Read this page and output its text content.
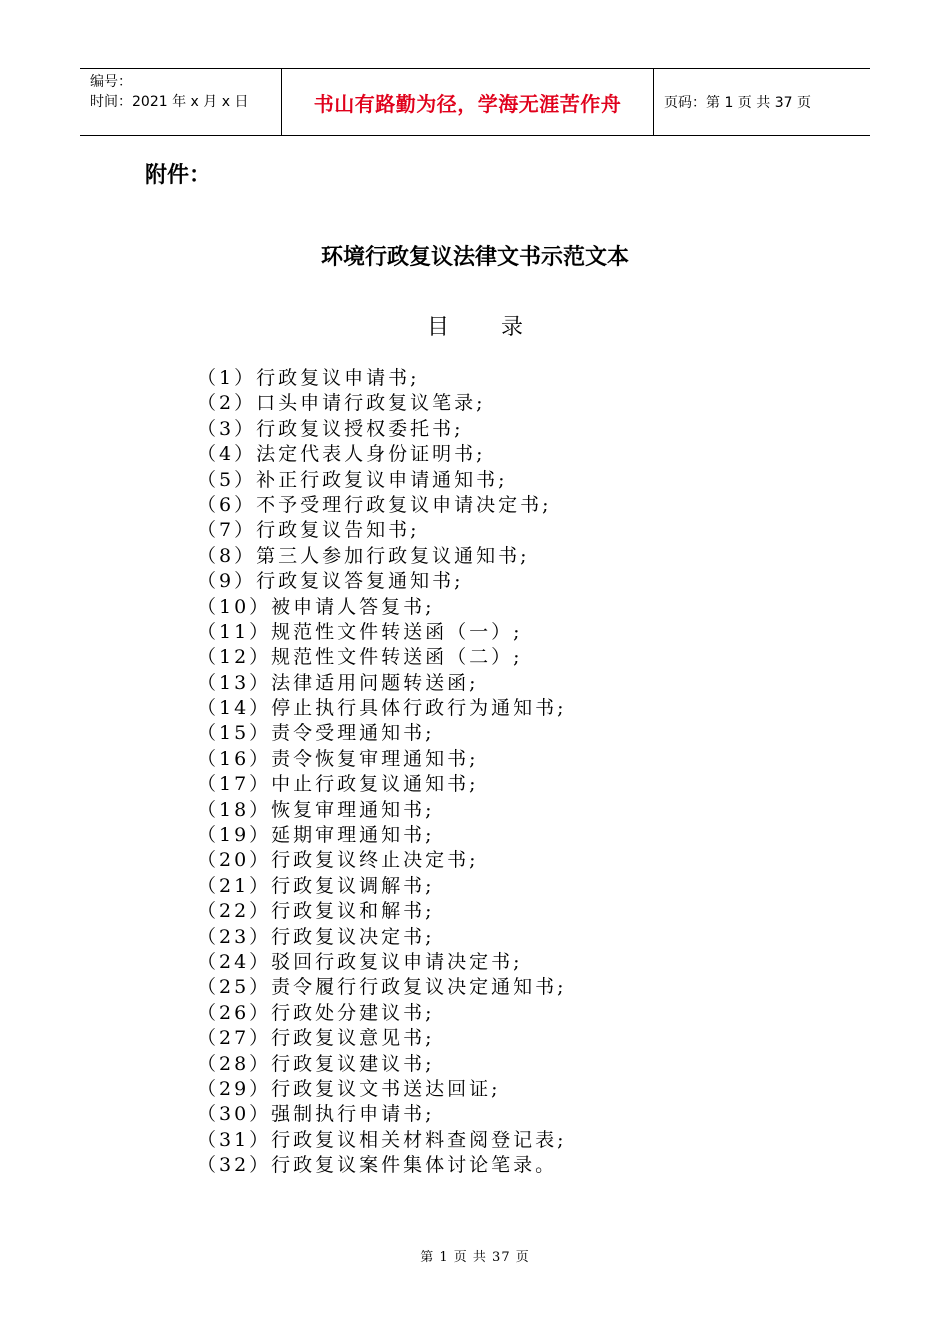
编号：
时间：2021 年 x 月 x 日	书山有路勤为径，学海无涯苦作舟	页码：第 1 页 共 37 页
附件：
环境行政复议法律文书示范文本
目 录
（1）行政复议申请书;
（2）口头申请行政复议笔录;
（3）行政复议授权委托书;
（4）法定代表人身份证明书;
（5）补正行政复议申请通知书;
（6）不予受理行政复议申请决定书;
（7）行政复议告知书;
（8）第三人参加行政复议通知书;
（9）行政复议答复通知书;
（10）被申请人答复书;
（11）规范性文件转送函（一）;
（12）规范性文件转送函（二）;
（13）法律适用问题转送函;
（14）停止执行具体行政行为通知书;
（15）责令受理通知书;
（16）责令恢复审理通知书;
（17）中止行政复议通知书;
（18）恢复审理通知书;
（19）延期审理通知书;
（20）行政复议终止决定书;
（21）行政复议调解书;
（22）行政复议和解书;
（23）行政复议决定书;
（24）驳回行政复议申请决定书;
（25）责令履行行政复议决定通知书;
（26）行政处分建议书;
（27）行政复议意见书;
（28）行政复议建议书;
（29）行政复议文书送达回证;
（30）强制执行申请书;
（31）行政复议相关材料查阅登记表;
（32）行政复议案件集体讨论笔录。
第 1 页 共 37 页
